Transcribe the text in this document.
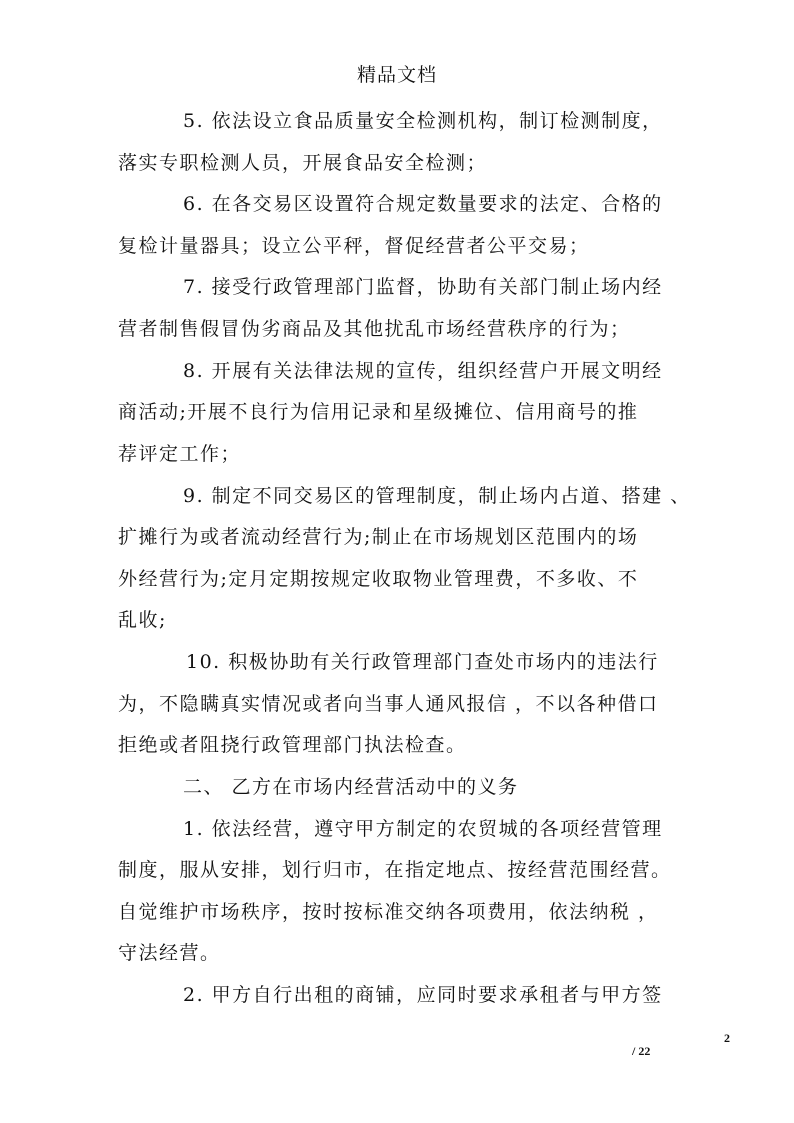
精品文档
5. 依法设立食品质量安全检测机构，制订检测制度，
落实专职检测人员，开展食品安全检测；
6. 在各交易区设置符合规定数量要求的法定、合格的
复检计量器具；设立公平秤，督促经营者公平交易；
7. 接受行政管理部门监督，协助有关部门制止场内经
营者制售假冒伪劣商品及其他扰乱市场经营秩序的行为；
8. 开展有关法律法规的宣传，组织经营户开展文明经
商活动;开展不良行为信用记录和星级摊位、信用商号的推
荐评定工作；
9. 制定不同交易区的管理制度，制止场内占道、搭建 、
扩摊行为或者流动经营行为;制止在市场规划区范围内的场
外经营行为;定月定期按规定收取物业管理费，不多收、不
乱收;
10. 积极协助有关行政管理部门查处市场内的违法行
为，不隐瞒真实情况或者向当事人通风报信 ，不以各种借口
拒绝或者阻挠行政管理部门执法检查。
二、 乙方在市场内经营活动中的义务
1. 依法经营，遵守甲方制定的农贸城的各项经营管理
制度，服从安排，划行归市，在指定地点、按经营范围经营。
自觉维护市场秩序，按时按标准交纳各项费用，依法纳税 ，
守法经营。
2. 甲方自行出租的商铺，应同时要求承租者与甲方签
2
/ 22
